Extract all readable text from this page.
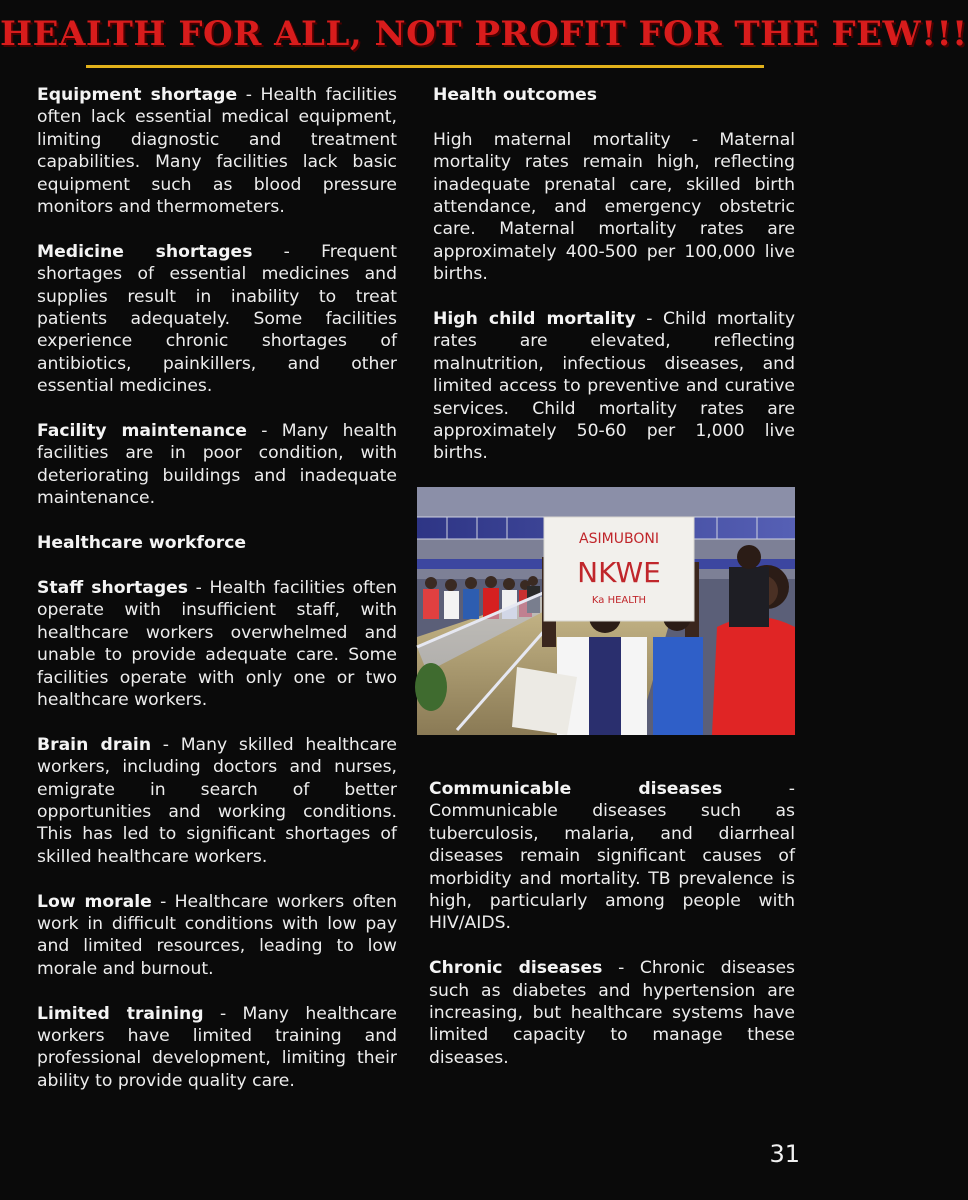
HEALTH FOR ALL, NOT PROFIT FOR THE FEW!!!

Equipment shortage - Health facilities often lack essential medical equipment, limiting diagnostic and treatment capabilities. Many facilities lack basic equipment such as blood pressure monitors and thermometers.

Medicine shortages - Frequent shortages of essential medicines and supplies result in inability to treat patients adequately. Some facilities experience chronic shortages of antibiotics, painkillers, and other essential medicines.

Facility maintenance - Many health facilities are in poor condition, with deteriorating buildings and inadequate maintenance.

Healthcare workforce

Staff shortages - Health facilities often operate with insufficient staff, with healthcare workers overwhelmed and unable to provide adequate care. Some facilities operate with only one or two healthcare workers.

Brain drain - Many skilled healthcare workers, including doctors and nurses, emigrate in search of better opportunities and working conditions. This has led to significant shortages of skilled healthcare workers.

Low morale - Healthcare workers often work in difficult conditions with low pay and limited resources, leading to low morale and burnout.

Limited training - Many healthcare workers have limited training and professional development, limiting their ability to provide quality care.

Health outcomes

High maternal mortality - Maternal mortality rates remain high, reflecting inadequate prenatal care, skilled birth attendance, and emergency obstetric care. Maternal mortality rates are approximately 400-500 per 100,000 live births.

High child mortality - Child mortality rates are elevated, reflecting malnutrition, infectious diseases, and limited access to preventive and curative services. Child mortality rates are approximately 50-60 per 1,000 live births.

ASIMUBONI
NKWE
Ka HEALTH

Communicable diseases - Communicable diseases such as tuberculosis, malaria, and diarrheal diseases remain significant causes of morbidity and mortality. TB prevalence is high, particularly among people with HIV/AIDS.

Chronic diseases - Chronic diseases such as diabetes and hypertension are increasing, but healthcare systems have limited capacity to manage these diseases.

31
